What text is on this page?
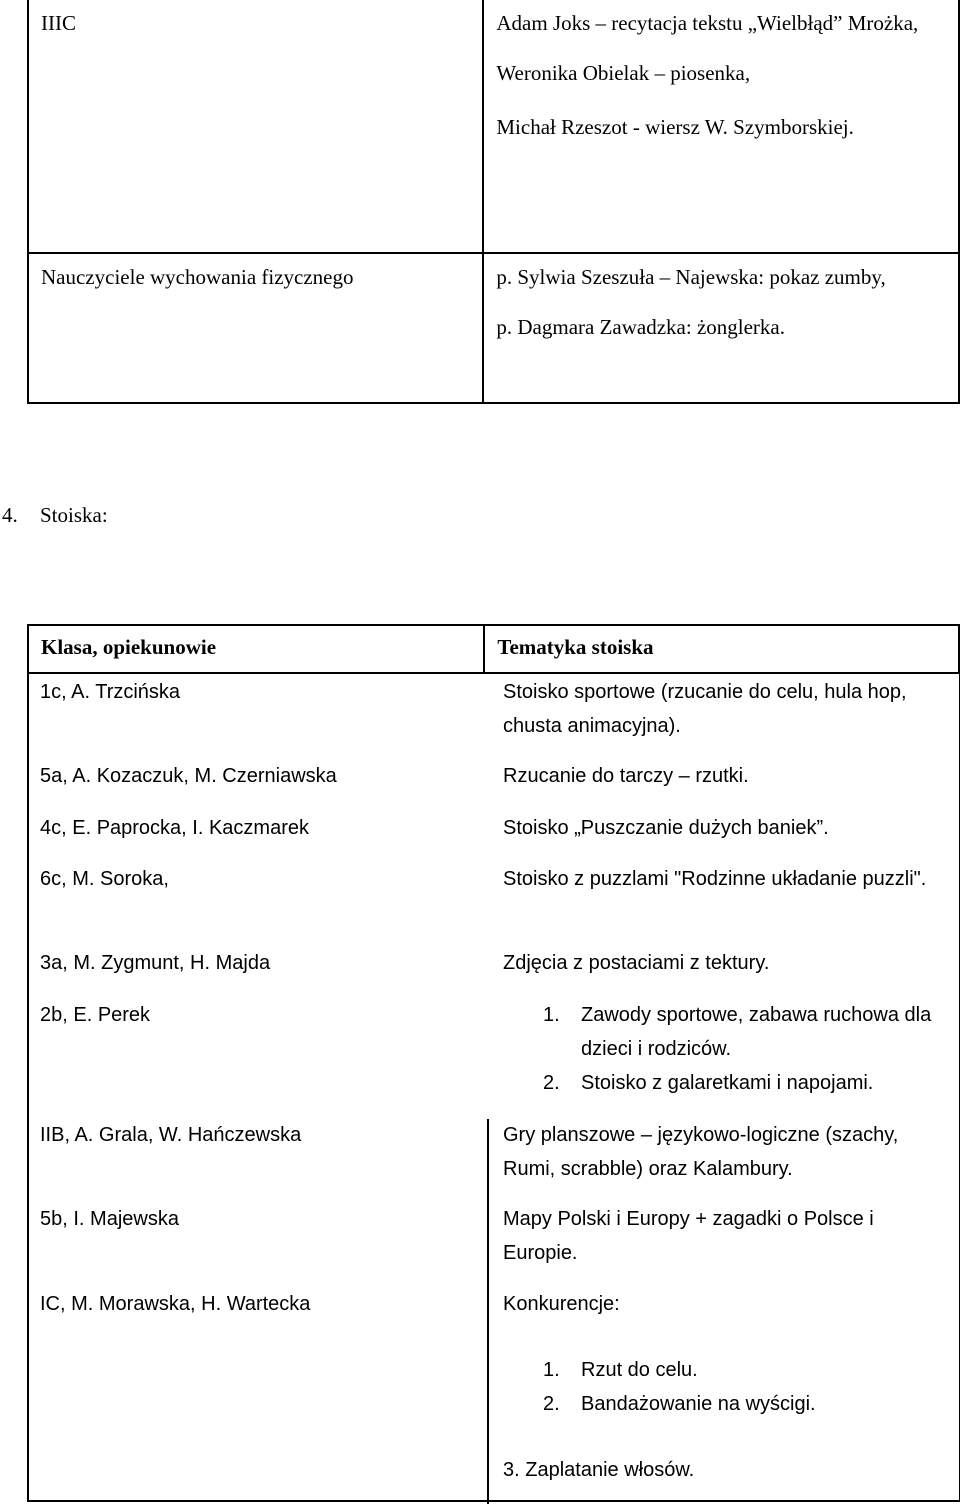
IIIC	Adam Joks – recytacja tekstu „Wielbłąd” Mrożka,

Weronika Obielak – piosenka,

Michał Rzeszot - wiersz W. Szymborskiej.

Nauczyciele wychowania fizycznego	p. Sylwia Szeszuła – Najewska: pokaz zumby,

p. Dagmara Zawadzka: żonglerka.

4. Stoiska:
Klasa, opiekunowie	Tematyka stoiska
1c, A. Trzcińska	Stoisko sportowe (rzucanie do celu, hula hop, chusta animacyjna).
5a, A. Kozaczuk, M. Czerniawska	Rzucanie do tarczy – rzutki.
4c, E. Paprocka, I. Kaczmarek	Stoisko „Puszczanie dużych baniek”.
6c, M. Soroka,	Stoisko z puzzlami "Rodzinne układanie puzzli".
3a, M. Zygmunt, H. Majda	Zdjęcia z postaciami z tektury.
2b, E. Perek	1. Zawody sportowe, zabawa ruchowa dla dzieci i rodziców.
2. Stoisko z galaretkami i napojami.
IIB, A. Grala, W. Hańczewska	Gry planszowe – językowo-logiczne (szachy, Rumi, scrabble) oraz Kalambury.
5b, I. Majewska	Mapy Polski i Europy + zagadki o Polsce i Europie.
IC, M. Morawska, H. Wartecka	Konkurencje:
1. Rzut do celu.
2. Bandażowanie na wyścigi.
3. Zaplatanie włosów.
